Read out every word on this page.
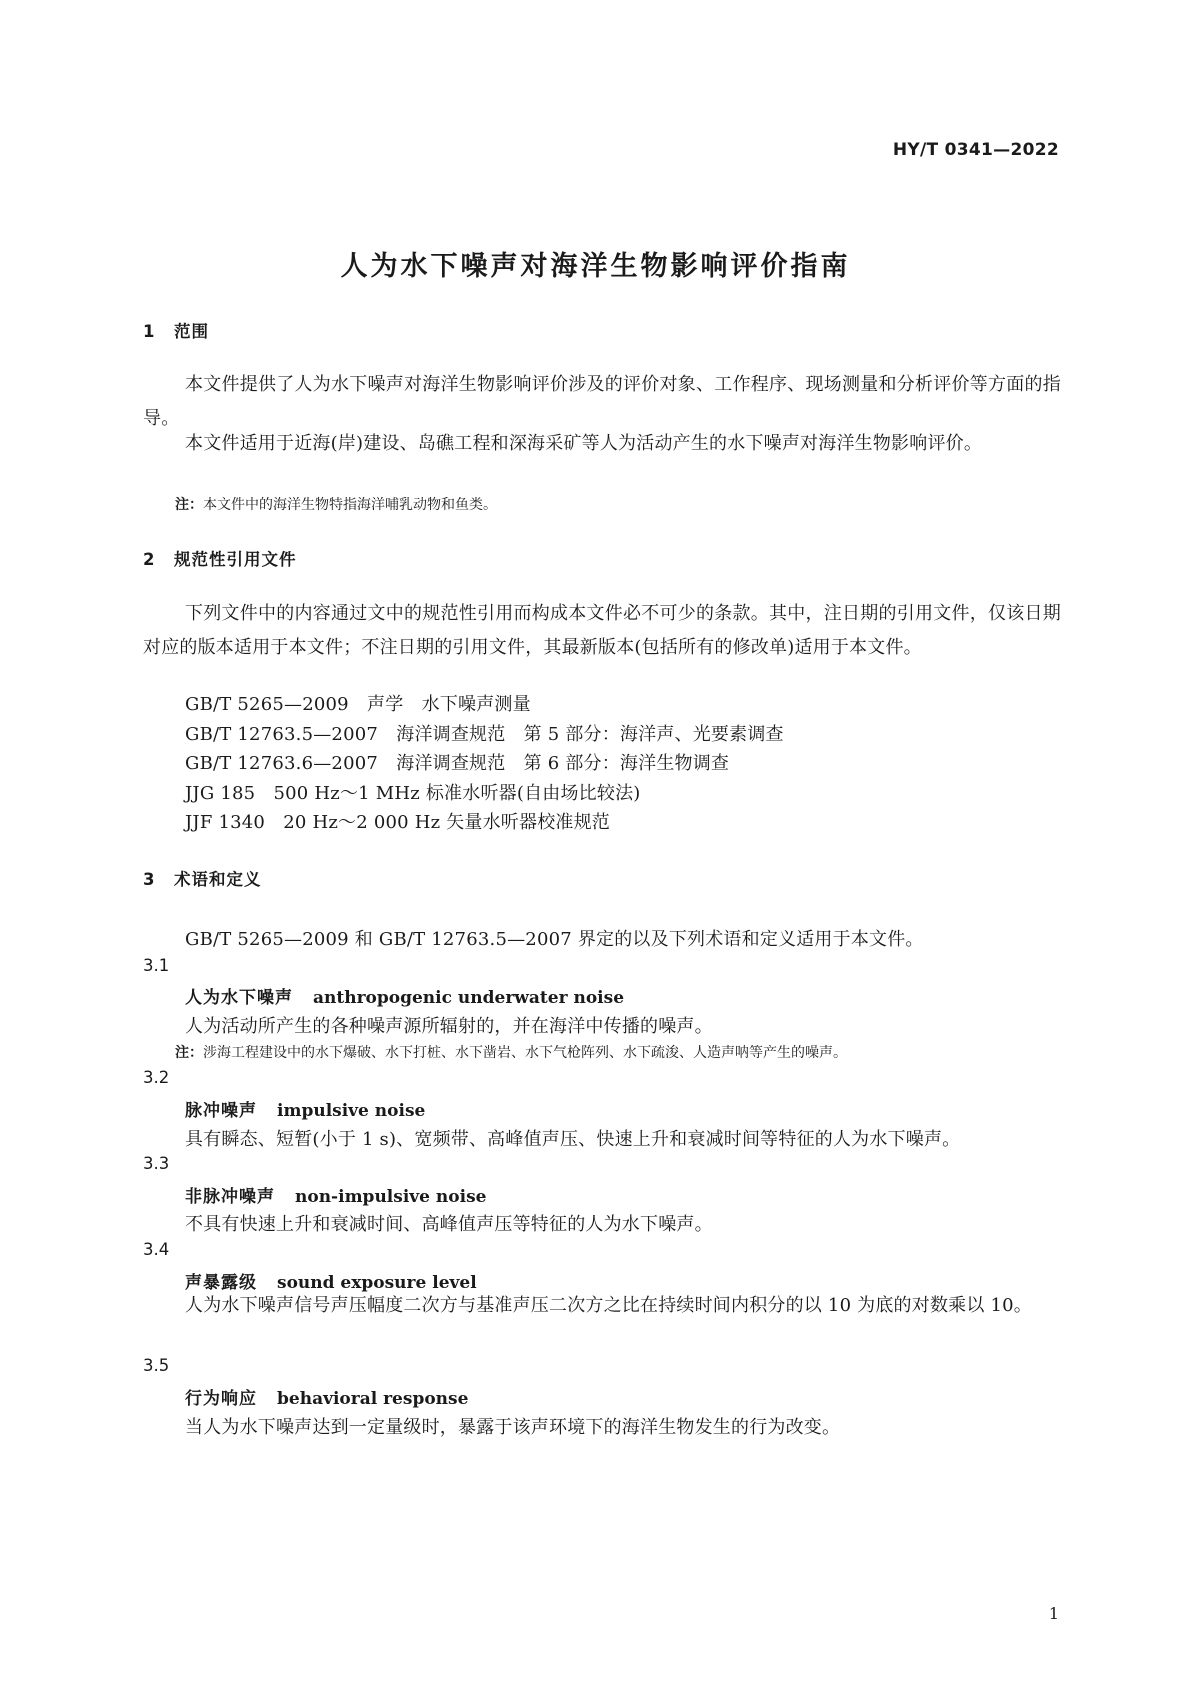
HY/T 0341—2022
人为水下噪声对海洋生物影响评价指南
1 范围
本文件提供了人为水下噪声对海洋生物影响评价涉及的评价对象、工作程序、现场测量和分析评价等方面的指导。
本文件适用于近海(岸)建设、岛礁工程和深海采矿等人为活动产生的水下噪声对海洋生物影响评价。
注：本文件中的海洋生物特指海洋哺乳动物和鱼类。
2 规范性引用文件
下列文件中的内容通过文中的规范性引用而构成本文件必不可少的条款。其中，注日期的引用文件，仅该日期对应的版本适用于本文件；不注日期的引用文件，其最新版本(包括所有的修改单)适用于本文件。
GB/T 5265—2009　声学　水下噪声测量
GB/T 12763.5—2007　海洋调查规范　第 5 部分：海洋声、光要素调查
GB/T 12763.6—2007　海洋调查规范　第 6 部分：海洋生物调查
JJG 185　500 Hz～1 MHz 标准水听器(自由场比较法)
JJF 1340　20 Hz～2 000 Hz 矢量水听器校准规范
3 术语和定义
GB/T 5265—2009 和 GB/T 12763.5—2007 界定的以及下列术语和定义适用于本文件。
3.1
人为水下噪声 anthropogenic underwater noise
人为活动所产生的各种噪声源所辐射的，并在海洋中传播的噪声。
注：涉海工程建设中的水下爆破、水下打桩、水下凿岩、水下气枪阵列、水下疏浚、人造声呐等产生的噪声。
3.2
脉冲噪声 impulsive noise
具有瞬态、短暂(小于 1 s)、宽频带、高峰值声压、快速上升和衰减时间等特征的人为水下噪声。
3.3
非脉冲噪声 non-impulsive noise
不具有快速上升和衰减时间、高峰值声压等特征的人为水下噪声。
3.4
声暴露级 sound exposure level
人为水下噪声信号声压幅度二次方与基准声压二次方之比在持续时间内积分的以 10 为底的对数乘以 10。
3.5
行为响应 behavioral response
当人为水下噪声达到一定量级时，暴露于该声环境下的海洋生物发生的行为改变。
1
